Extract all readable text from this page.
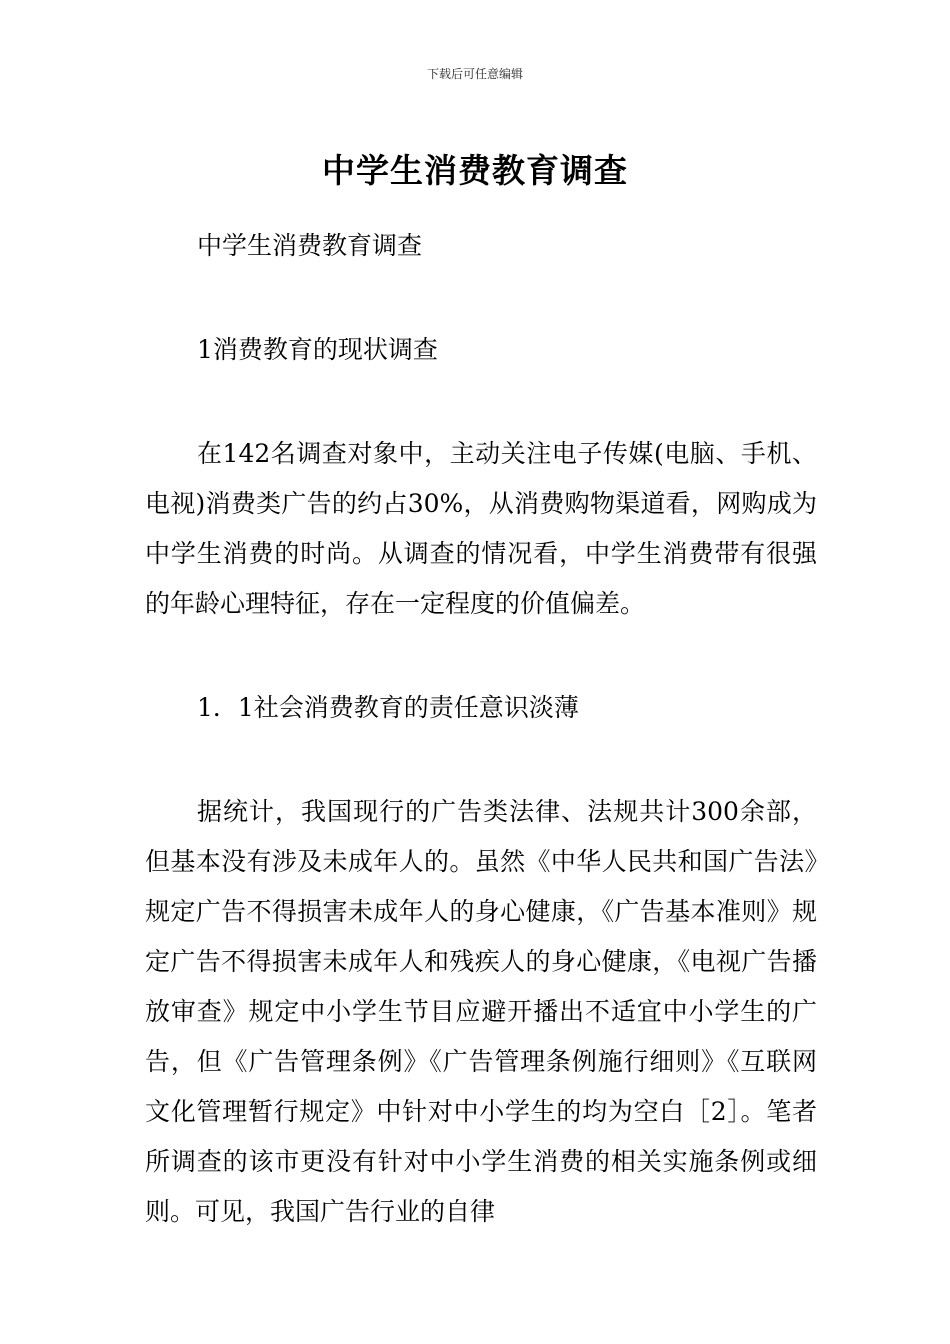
下载后可任意编辑
中学生消费教育调查

中学生消费教育调查

1消费教育的现状调查

在142名调查对象中，主动关注电子传媒(电脑、手机、电视)消费类广告的约占30%，从消费购物渠道看，网购成为中学生消费的时尚。从调查的情况看，中学生消费带有很强的年龄心理特征，存在一定程度的价值偏差。

1．1社会消费教育的责任意识淡薄

据统计，我国现行的广告类法律、法规共计300余部，但基本没有涉及未成年人的。虽然《中华人民共和国广告法》规定广告不得损害未成年人的身心健康，《广告基本准则》规定广告不得损害未成年人和残疾人的身心健康，《电视广告播放审查》规定中小学生节目应避开播出不适宜中小学生的广告，但《广告管理条例》《广告管理条例施行细则》《互联网文化管理暂行规定》中针对中小学生的均为空白［2］。笔者所调查的该市更没有针对中小学生消费的相关实施条例或细则。可见，我国广告行业的自律
